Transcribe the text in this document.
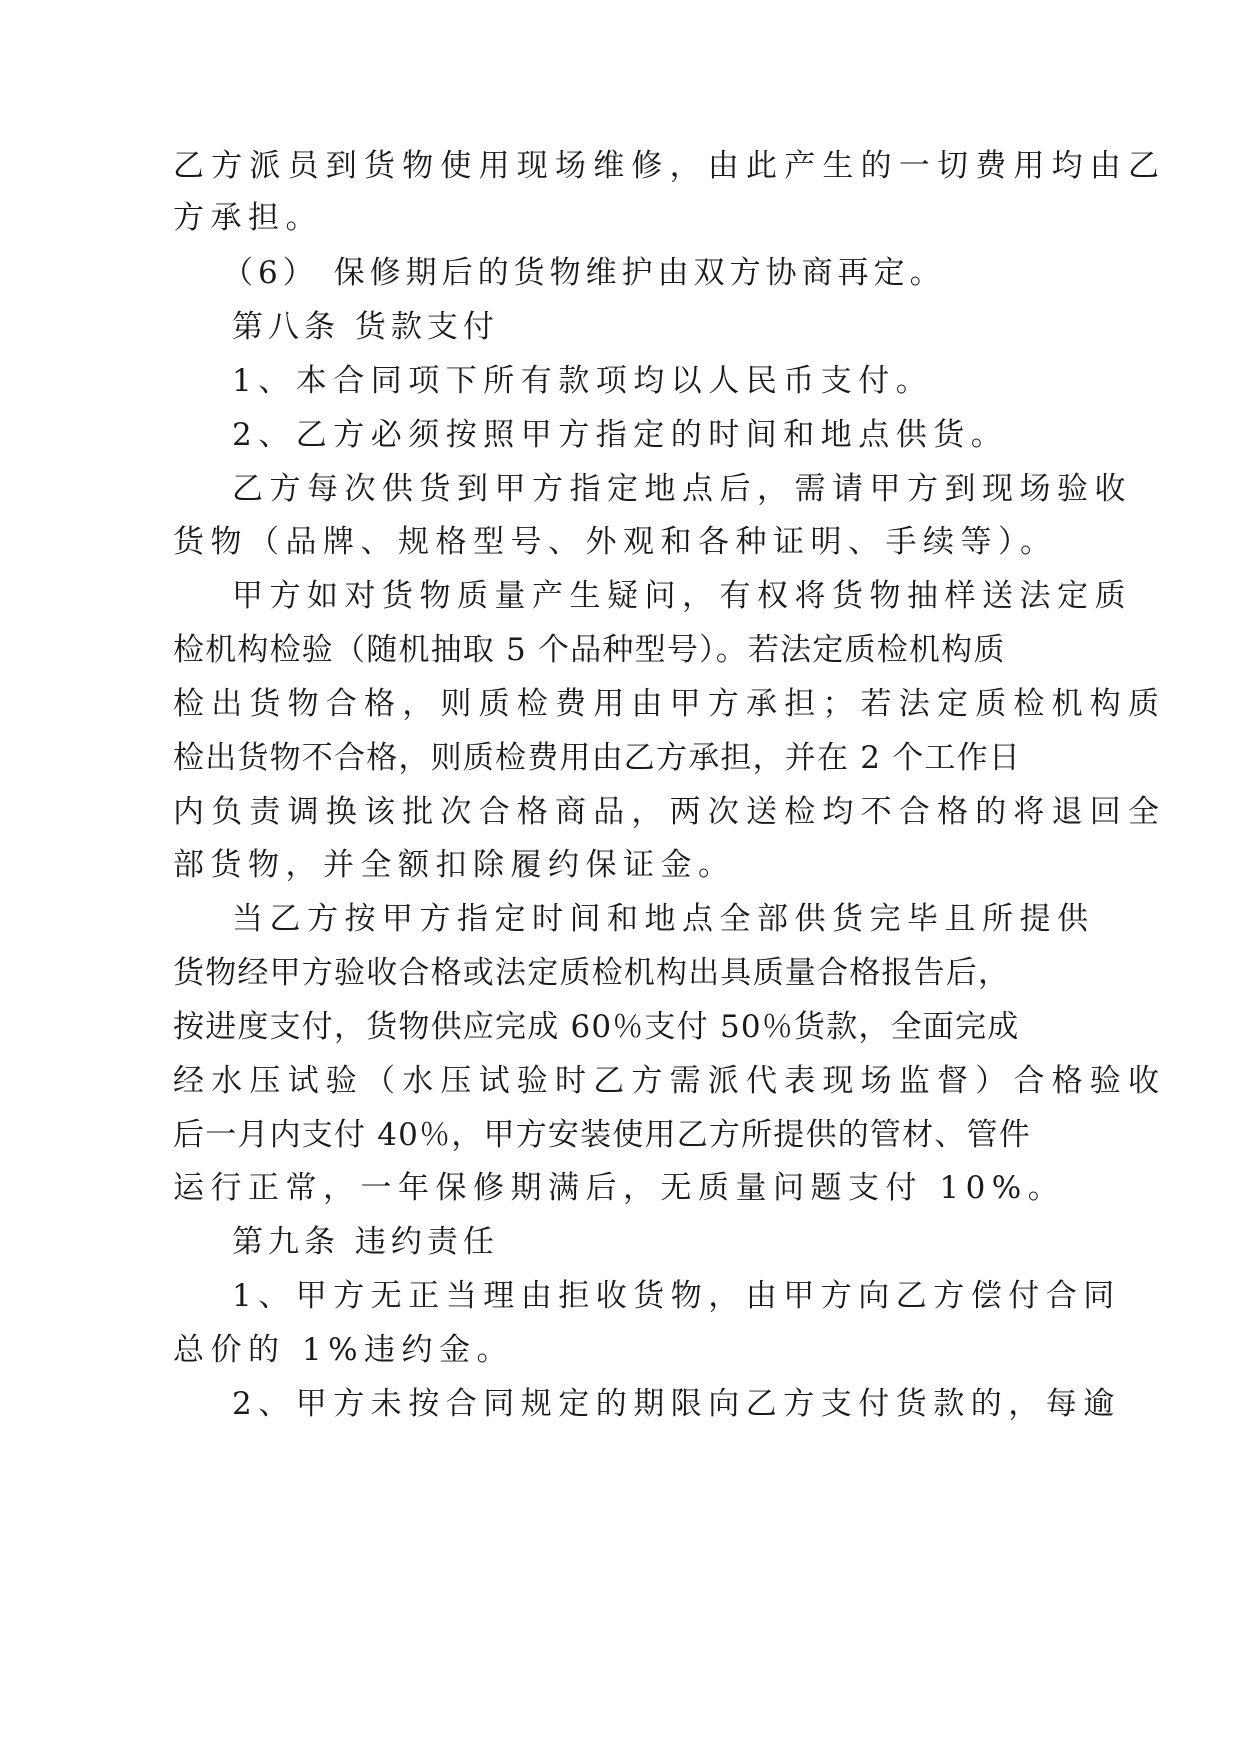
乙方派员到货物使用现场维修，由此产生的一切费用均由乙

方承担。

（6） 保修期后的货物维护由双方协商再定。

第八条 货款支付

1、本合同项下所有款项均以人民币支付。

2、乙方必须按照甲方指定的时间和地点供货。

乙方每次供货到甲方指定地点后，需请甲方到现场验收

货物（品牌、规格型号、外观和各种证明、手续等）。

甲方如对货物质量产生疑问，有权将货物抽样送法定质

检机构检验（随机抽取 5 个品种型号）。若法定质检机构质

检出货物合格，则质检费用由甲方承担；若法定质检机构质

检出货物不合格，则质检费用由乙方承担，并在 2 个工作日

内负责调换该批次合格商品，两次送检均不合格的将退回全

部货物，并全额扣除履约保证金。

当乙方按甲方指定时间和地点全部供货完毕且所提供

货物经甲方验收合格或法定质检机构出具质量合格报告后，

按进度支付，货物供应完成 60％支付 50％货款，全面完成

经水压试验（水压试验时乙方需派代表现场监督）合格验收

后一月内支付 40％，甲方安装使用乙方所提供的管材、管件

运行正常，一年保修期满后，无质量问题支付 10%。

第九条 违约责任

1、甲方无正当理由拒收货物，由甲方向乙方偿付合同

总价的 1%违约金。

2、甲方未按合同规定的期限向乙方支付货款的，每逾
